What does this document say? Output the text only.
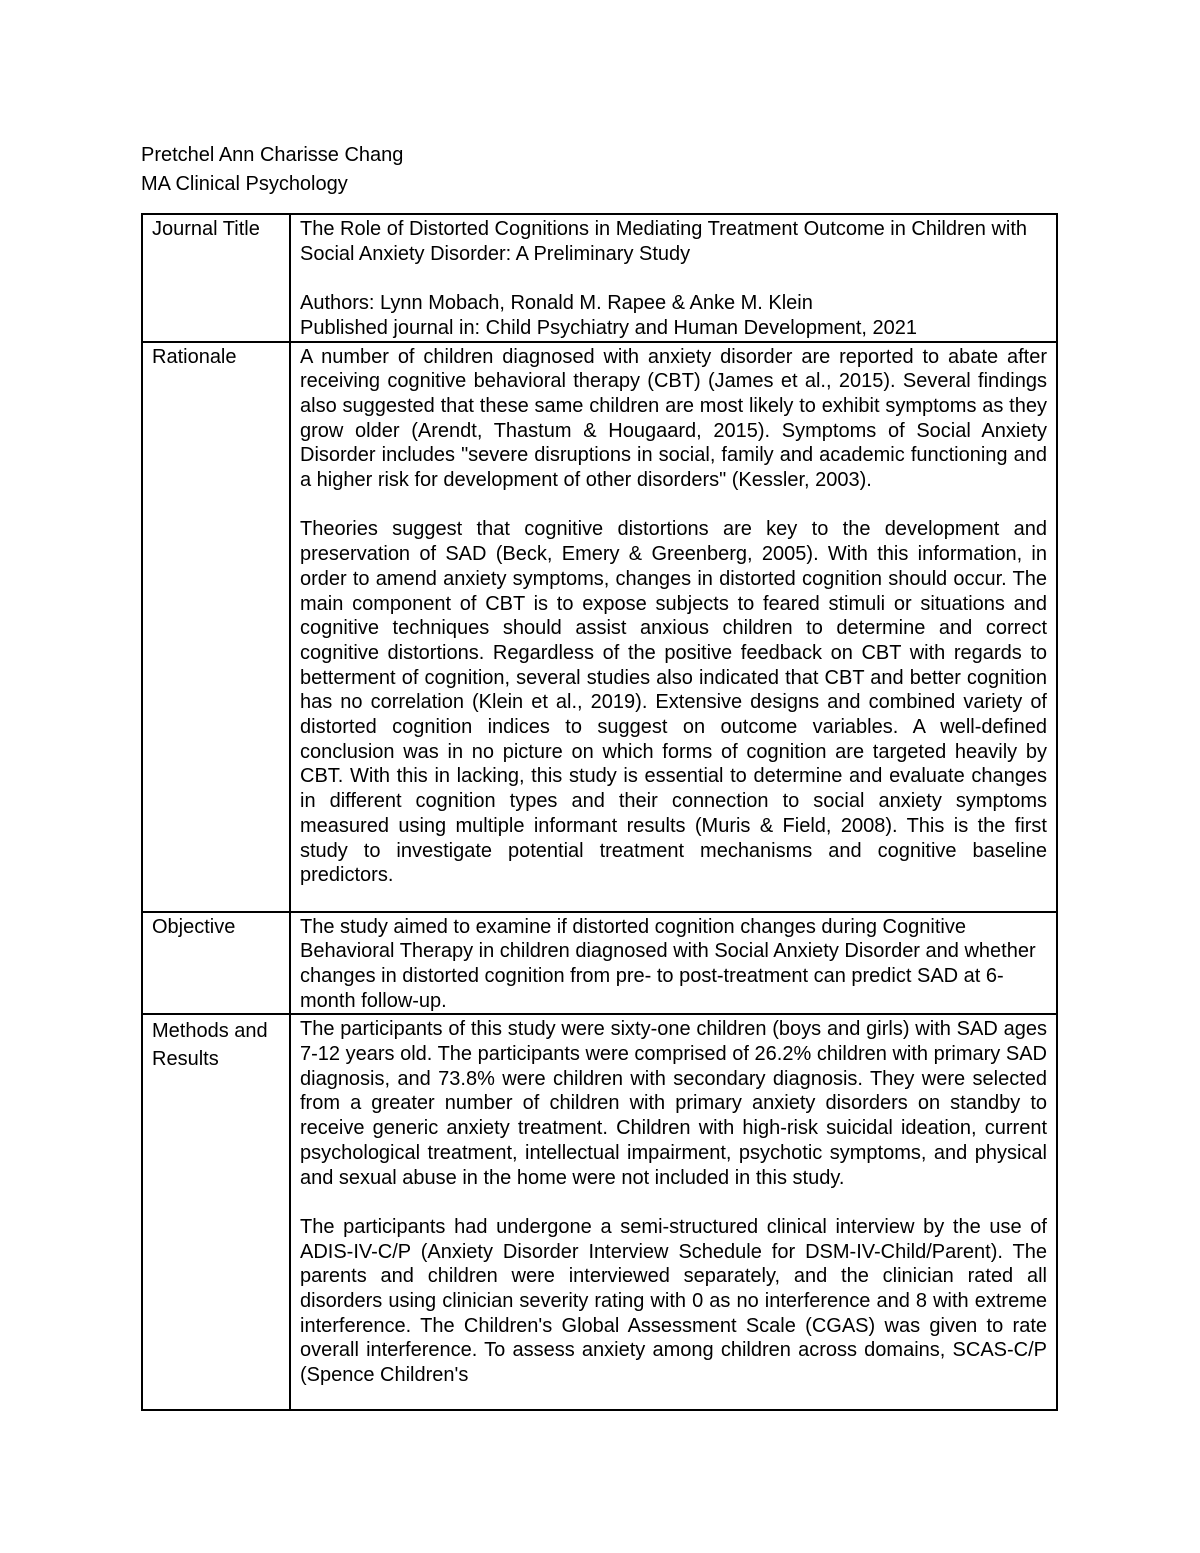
Pretchel Ann Charisse Chang
MA Clinical Psychology
Journal Title	The Role of Distorted Cognitions in Mediating Treatment Outcome in Children with Social Anxiety Disorder: A Preliminary Study
Authors: Lynn Mobach, Ronald M. Rapee & Anke M. Klein
Published journal in: Child Psychiatry and Human Development, 2021

Rationale	A number of children diagnosed with anxiety disorder are reported to abate after receiving cognitive behavioral therapy (CBT) (James et al., 2015). Several findings also suggested that these same children are most likely to exhibit symptoms as they grow older (Arendt, Thastum & Hougaard, 2015). Symptoms of Social Anxiety Disorder includes "severe disruptions in social, family and academic functioning and a higher risk for development of other disorders" (Kessler, 2003).

Theories suggest that cognitive distortions are key to the development and preservation of SAD (Beck, Emery & Greenberg, 2005). With this information, in order to amend anxiety symptoms, changes in distorted cognition should occur. The main component of CBT is to expose subjects to feared stimuli or situations and cognitive techniques should assist anxious children to determine and correct cognitive distortions. Regardless of the positive feedback on CBT with regards to betterment of cognition, several studies also indicated that CBT and better cognition has no correlation (Klein et al., 2019). Extensive designs and combined variety of distorted cognition indices to suggest on outcome variables. A well-defined conclusion was in no picture on which forms of cognition are targeted heavily by CBT. With this in lacking, this study is essential to determine and evaluate changes in different cognition types and their connection to social anxiety symptoms measured using multiple informant results (Muris & Field, 2008). This is the first study to investigate potential treatment mechanisms and cognitive baseline predictors.

Objective	The study aimed to examine if distorted cognition changes during Cognitive Behavioral Therapy in children diagnosed with Social Anxiety Disorder and whether changes in distorted cognition from pre- to post-treatment can predict SAD at 6-month follow-up.

Methods and Results	The participants of this study were sixty-one children (boys and girls) with SAD ages 7-12 years old. The participants were comprised of 26.2% children with primary SAD diagnosis, and 73.8% were children with secondary diagnosis. They were selected from a greater number of children with primary anxiety disorders on standby to receive generic anxiety treatment. Children with high-risk suicidal ideation, current psychological treatment, intellectual impairment, psychotic symptoms, and physical and sexual abuse in the home were not included in this study.

The participants had undergone a semi-structured clinical interview by the use of ADIS-IV-C/P (Anxiety Disorder Interview Schedule for DSM-IV-Child/Parent). The parents and children were interviewed separately, and the clinician rated all disorders using clinician severity rating with 0 as no interference and 8 with extreme interference. The Children's Global Assessment Scale (CGAS) was given to rate overall interference. To assess anxiety among children across domains, SCAS-C/P (Spence Children's
